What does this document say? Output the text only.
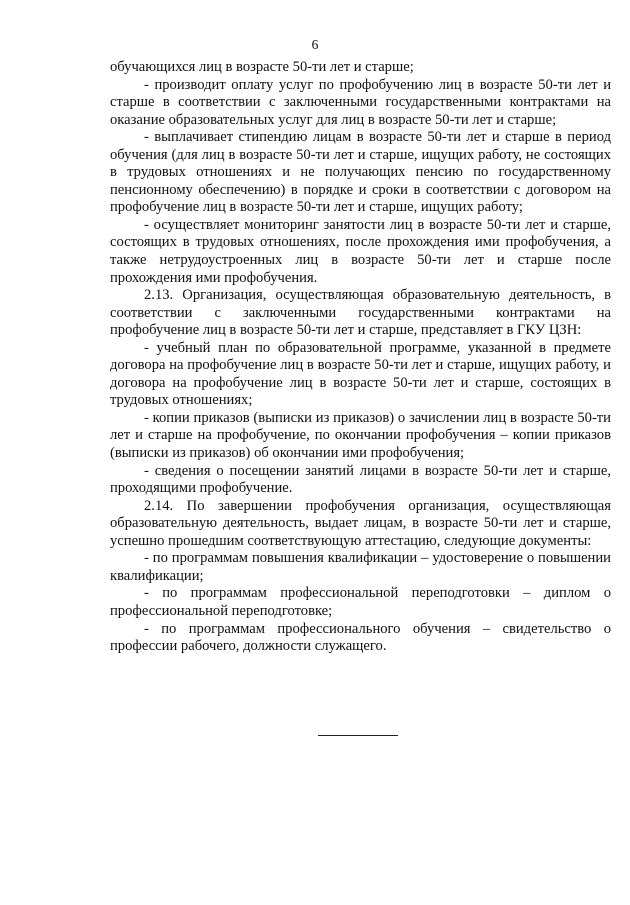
6

обучающихся лиц в возрасте 50-ти лет и старше;

- производит оплату услуг по профобучению лиц в возрасте 50-ти лет и старше в соответствии с заключенными государственными контрактами на оказание образовательных услуг для лиц в возрасте 50-ти лет и старше;

- выплачивает стипендию лицам в возрасте 50-ти лет и старше в период обучения (для лиц в возрасте 50-ти лет и старше, ищущих работу, не состоящих в трудовых отношениях и не получающих пенсию по государственному пенсионному обеспечению) в порядке и сроки в соответствии с договором на профобучение лиц в возрасте 50-ти лет и старше, ищущих работу;

- осуществляет мониторинг занятости лиц в возрасте 50-ти лет и старше, состоящих в трудовых отношениях, после прохождения ими профобучения, а также нетрудоустроенных лиц в возрасте 50-ти лет и старше после прохождения ими профобучения.

2.13. Организация, осуществляющая образовательную деятельность, в соответствии с заключенными государственными контрактами на профобучение лиц в возрасте 50-ти лет и старше, представляет в ГКУ ЦЗН:

- учебный план по образовательной программе, указанной в предмете договора на профобучение лиц в возрасте 50-ти лет и старше, ищущих работу, и договора на профобучение лиц в возрасте 50-ти лет и старше, состоящих в трудовых отношениях;

- копии приказов (выписки из приказов) о зачислении лиц в возрасте 50-ти лет и старше на профобучение, по окончании профобучения – копии приказов (выписки из приказов) об окончании ими профобучения;

- сведения о посещении занятий лицами в возрасте 50-ти лет и старше, проходящими профобучение.

2.14. По завершении профобучения организация, осуществляющая образовательную деятельность, выдает лицам, в возрасте 50-ти лет и старше, успешно прошедшим соответствующую аттестацию, следующие документы:

- по программам повышения квалификации – удостоверение о повышении квалификации;

- по программам профессиональной переподготовки – диплом о профессиональной переподготовке;

- по программам профессионального обучения – свидетельство о профессии рабочего, должности служащего.
